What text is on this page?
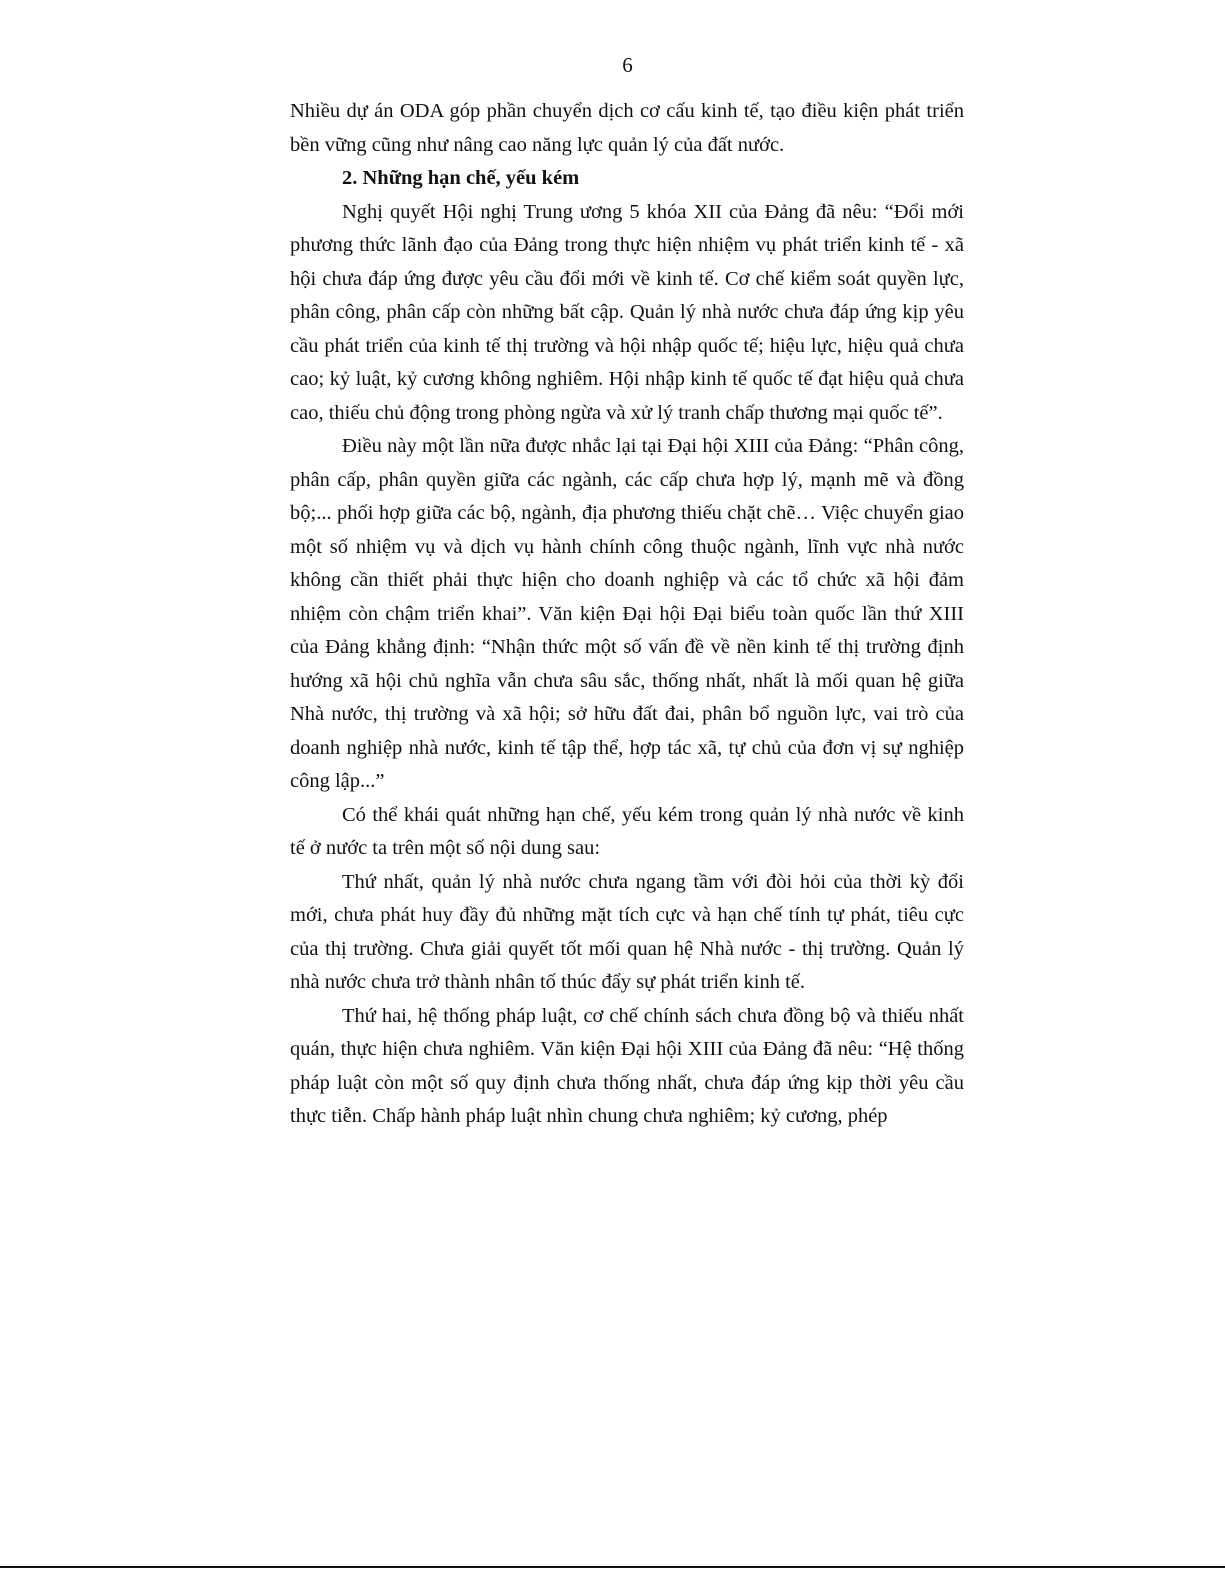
6

Nhiều dự án ODA góp phần chuyển dịch cơ cấu kinh tế, tạo điều kiện phát triển bền vững cũng như nâng cao năng lực quản lý của đất nước.

2. Những hạn chế, yếu kém

Nghị quyết Hội nghị Trung ương 5 khóa XII của Đảng đã nêu: “Đổi mới phương thức lãnh đạo của Đảng trong thực hiện nhiệm vụ phát triển kinh tế - xã hội chưa đáp ứng được yêu cầu đổi mới về kinh tế. Cơ chế kiểm soát quyền lực, phân công, phân cấp còn những bất cập. Quản lý nhà nước chưa đáp ứng kịp yêu cầu phát triển của kinh tế thị trường và hội nhập quốc tế; hiệu lực, hiệu quả chưa cao; kỷ luật, kỷ cương không nghiêm. Hội nhập kinh tế quốc tế đạt hiệu quả chưa cao, thiếu chủ động trong phòng ngừa và xử lý tranh chấp thương mại quốc tế”.

Điều này một lần nữa được nhắc lại tại Đại hội XIII của Đảng: “Phân công, phân cấp, phân quyền giữa các ngành, các cấp chưa hợp lý, mạnh mẽ và đồng bộ;... phối hợp giữa các bộ, ngành, địa phương thiếu chặt chẽ… Việc chuyển giao một số nhiệm vụ và dịch vụ hành chính công thuộc ngành, lĩnh vực nhà nước không cần thiết phải thực hiện cho doanh nghiệp và các tổ chức xã hội đảm nhiệm còn chậm triển khai”. Văn kiện Đại hội Đại biểu toàn quốc lần thứ XIII của Đảng khẳng định: “Nhận thức một số vấn đề về nền kinh tế thị trường định hướng xã hội chủ nghĩa vẫn chưa sâu sắc, thống nhất, nhất là mối quan hệ giữa Nhà nước, thị trường và xã hội; sở hữu đất đai, phân bổ nguồn lực, vai trò của doanh nghiệp nhà nước, kinh tế tập thể, hợp tác xã, tự chủ của đơn vị sự nghiệp công lập...”

Có thể khái quát những hạn chế, yếu kém trong quản lý nhà nước về kinh tế ở nước ta trên một số nội dung sau:

Thứ nhất, quản lý nhà nước chưa ngang tầm với đòi hỏi của thời kỳ đổi mới, chưa phát huy đầy đủ những mặt tích cực và hạn chế tính tự phát, tiêu cực của thị trường. Chưa giải quyết tốt mối quan hệ Nhà nước - thị trường. Quản lý nhà nước chưa trở thành nhân tố thúc đẩy sự phát triển kinh tế.

Thứ hai, hệ thống pháp luật, cơ chế chính sách chưa đồng bộ và thiếu nhất quán, thực hiện chưa nghiêm. Văn kiện Đại hội XIII của Đảng đã nêu: “Hệ thống pháp luật còn một số quy định chưa thống nhất, chưa đáp ứng kịp thời yêu cầu thực tiễn. Chấp hành pháp luật nhìn chung chưa nghiêm; kỷ cương, phép
